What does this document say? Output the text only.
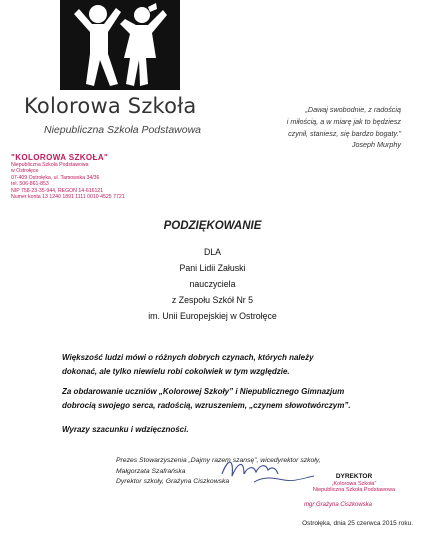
Kolorowa Szkoła
Niepubliczna Szkoła Podstawowa
„Dawaj swobodnie, z radością
i miłością, a w miarę jak to będziesz
czynił, staniesz, się bardzo bogaty.”
Joseph Murphy
"KOLOROWA SZKOŁA"
Niepubliczna Szkoła Podstawowa
w Ostrołęce
07-409 Ostrołęka, ul. Tamowska 34/36
tel. 506-861-853
NIP 758-23-35-944, REGON 14-616121
Numer konta 13 1240 1891 1111 0010 4525 7721
PODZIĘKOWANIE
DLA
Pani Lidii Załuski
nauczyciela
z Zespołu Szkół Nr 5
im. Unii Europejskiej w Ostrołęce
Większość ludzi mówi o różnych dobrych czynach, których należy
dokonać, ale tylko niewielu robi cokolwiek w tym względzie.
Za obdarowanie uczniów „Kolorowej Szkoły” i Niepublicznego Gimnazjum
dobrocią swojego serca, radością, wzruszeniem, „czynem słowotwórczym”.
Wyrazy szacunku i wdzięczności.
Prezes Stowarzyszenia „Dajmy razem szansę”, wicedyrektor szkoły,
Małgorzata Szafrańska
Dyrektor szkoły, Grażyna Ciszkowska
DYREKTOR
„Kolorowa Szkoła”
Niepubliczna Szkoła Podstawowa
mgr Grażyna Ciszkowska
Ostrołęka, dnia 25 czerwca 2015 roku.
